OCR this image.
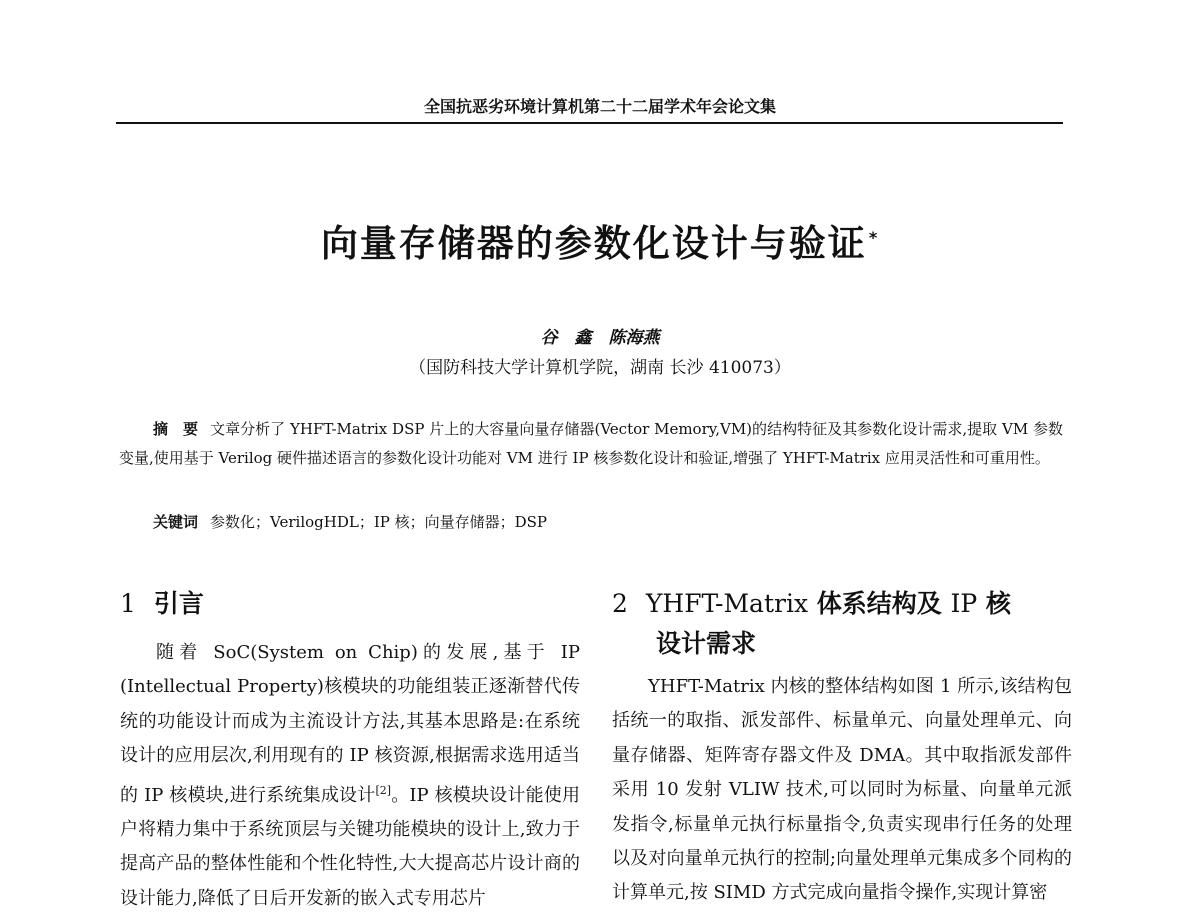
全国抗恶劣环境计算机第二十二届学术年会论文集
向量存储器的参数化设计与验证 *
谷　鑫　陈海燕
（国防科技大学计算机学院，湖南 长沙 410073）
摘　要 文章分析了 YHFT-Matrix DSP 片上的大容量向量存储器(Vector Memory,VM)的结构特征及其参数化设计需求,提取 VM 参数变量,使用基于 Verilog 硬件描述语言的参数化设计功能对 VM 进行 IP 核参数化设计和验证,增强了 YHFT-Matrix 应用灵活性和可重用性。
关键词 参数化；VerilogHDL；IP 核；向量存储器；DSP
1 引言
随着 SoC(System on Chip)的发展,基于 IP (Intellectual Property)核模块的功能组装正逐渐替代传统的功能设计而成为主流设计方法,其基本思路是:在系统设计的应用层次,利用现有的 IP 核资源,根据需求选用适当的 IP 核模块,进行系统集成设计[2]。IP 核模块设计能使用户将精力集中于系统顶层与关键功能模块的设计上,致力于提高产品的整体性能和个性化特性,大大提高芯片设计商的设计能力,降低了日后开发新的嵌入式专用芯片
2 YHFT-Matrix 体系结构及 IP 核
设计需求
YHFT-Matrix 内核的整体结构如图 1 所示,该结构包括统一的取指、派发部件、标量单元、向量处理单元、向量存储器、矩阵寄存器文件及 DMA。其中取指派发部件采用 10 发射 VLIW 技术,可以同时为标量、向量单元派发指令,标量单元执行标量指令,负责实现串行任务的处理以及对向量单元执行的控制;向量处理单元集成多个同构的计算单元,按 SIMD 方式完成向量指令操作,实现计算密
